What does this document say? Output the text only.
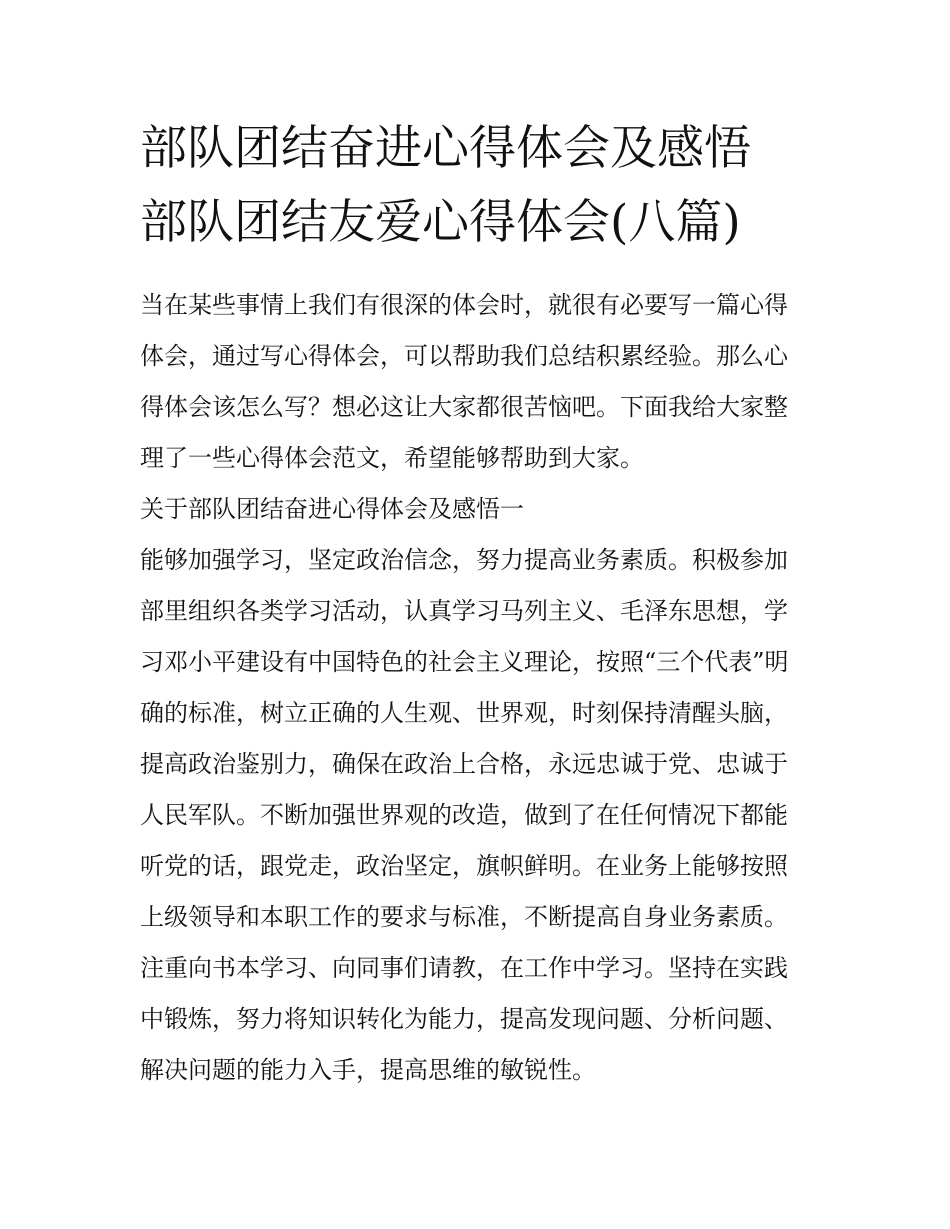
部队团结奋进心得体会及感悟
部队团结友爱心得体会(八篇)

当在某些事情上我们有很深的体会时，就很有必要写一篇心得

体会，通过写心得体会，可以帮助我们总结积累经验。那么心

得体会该怎么写？想必这让大家都很苦恼吧。下面我给大家整

理了一些心得体会范文，希望能够帮助到大家。

关于部队团结奋进心得体会及感悟一

能够加强学习，坚定政治信念，努力提高业务素质。积极参加

部里组织各类学习活动，认真学习马列主义、毛泽东思想，学

习邓小平建设有中国特色的社会主义理论，按照“三个代表”明

确的标准，树立正确的人生观、世界观，时刻保持清醒头脑，

提高政治鉴别力，确保在政治上合格，永远忠诚于党、忠诚于

人民军队。不断加强世界观的改造，做到了在任何情况下都能

听党的话，跟党走，政治坚定，旗帜鲜明。在业务上能够按照

上级领导和本职工作的要求与标准，不断提高自身业务素质。

注重向书本学习、向同事们请教，在工作中学习。坚持在实践

中锻炼，努力将知识转化为能力，提高发现问题、分析问题、

解决问题的能力入手，提高思维的敏锐性。
